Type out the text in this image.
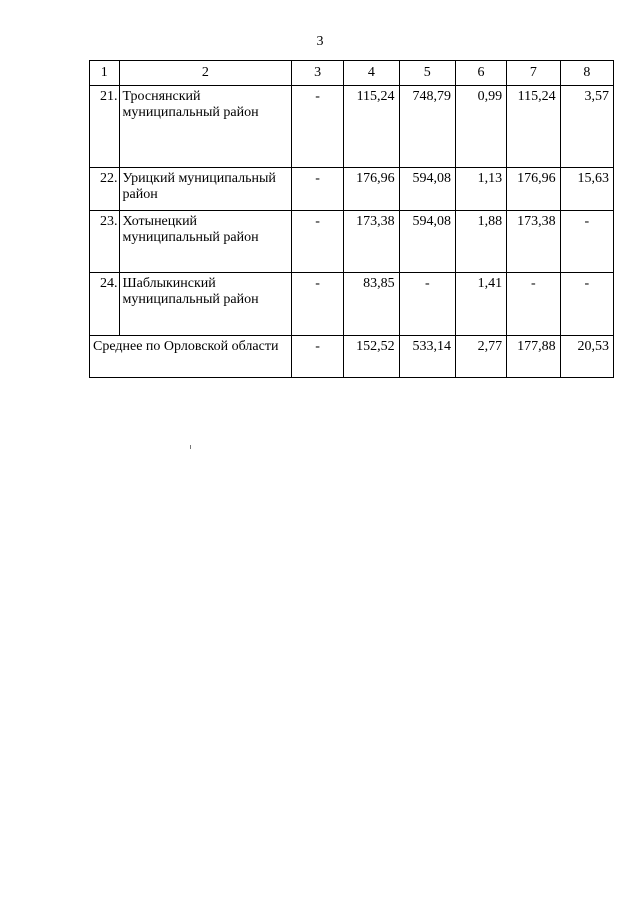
3
1	2	3	4	5	6	7	8
21.	Троснянский муниципальный район	-	115,24	748,79	0,99	115,24	3,57
22.	Урицкий муниципальный район	-	176,96	594,08	1,13	176,96	15,63
23.	Хотынецкий муниципальный район	-	173,38	594,08	1,88	173,38	-
24.	Шаблыкинский муниципальный район	-	83,85	-	1,41	-	-
Среднее по Орловской области		-	152,52	533,14	2,77	177,88	20,53
